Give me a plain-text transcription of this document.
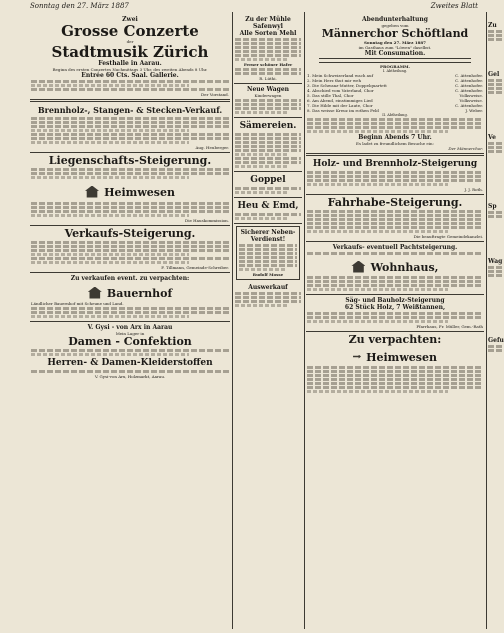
Sonntag den 27. März 1887	Zweites Blatt
Zwei
Grosse Conzerte
der
Stadtmusik Zürich
Festhalle in Aarau.
Beginn des ersten Conzertes Nachmittags 3 Uhr, des zweiten Abends 8 Uhr.
Entrée 60 Cts. Saal. Gallerie.
Der Vorstand.
Brennholz-, Stangen- & Stecken-Verkauf.
Aug. Heuberger.
Liegenschafts-Steigerung.
Heimwesen
Die Hauskommission.
Verkaufs-Steigerung.
F. Tillmann, Gemeinde-Schreiber.
Zu verkaufen event. zu verpachten:
Bauernhof
Ländlicher Bauernhof mit Scheune und Land.
V. Gysi - von Arx in Aarau
Mein Lager in
Damen - Confektion
Herren- & Damen-Kleiderstoffen
V. Gysi-von Arx, Holzmarkt, Aarau.
Zu der Mühle Safenwyl
Alle Sorten Mehl
Ferner schöner Hafer
R. Lüthi.
Neue Wagen
Kinderwagen
Sämereien.
Goppel
Heu & Emd,
Sicherer Neben-Verdienst!
Rudolf Mosse
Auswerkauf
Abendunterhaltung
gegeben vom
Männerchor Schöftland
Sonntag den 27. März 1887
im Gasthaus zum "Löwen" daselbst.
Mit Consumation.
PROGRAMM.
I. Abtheilung.
1. Mein Schweizerland wach auf	C. Attenhofer.
2. Mein Herz thut mir weh	C. Attenhofer.
3. Die Schwanz-Mutter, Doppelquartett	C. Attenhofer.
4. Abschied vom Vaterland, Chor	C. Attenhofer.
5. Das stille Thal, Chor	Volksweise.
6. Am Abend, einstimmiges Lied	Volksweise.
7. Die Hilde mit der Laute, Chor	C. Attenhofer.
8. Das weisse Kreuz im rothen Feld	J. Weber.
II. Abtheilung.
Beginn Abends 7 Uhr.
Es ladet zu freundlichem Besuche ein:
Der Männerchor.
Holz- und Brennholz-Steigerung
J. J. Roth.
Fahrhabe-Steigerung.
Die beauftragte Gemeindekanzlei.
Verkaufs- eventuell Pachtsteigerung.
Wohnhaus,
Säg- und Bauholz-Steigerung
62 Stück Holz, 7 Weißtannen,
Pfarrhaus, Fr. Müller, Gem.-Rath
Zu verpachten:
Heimwesen
Zu
Gel
Ve
Sp
Wag
Gefu
